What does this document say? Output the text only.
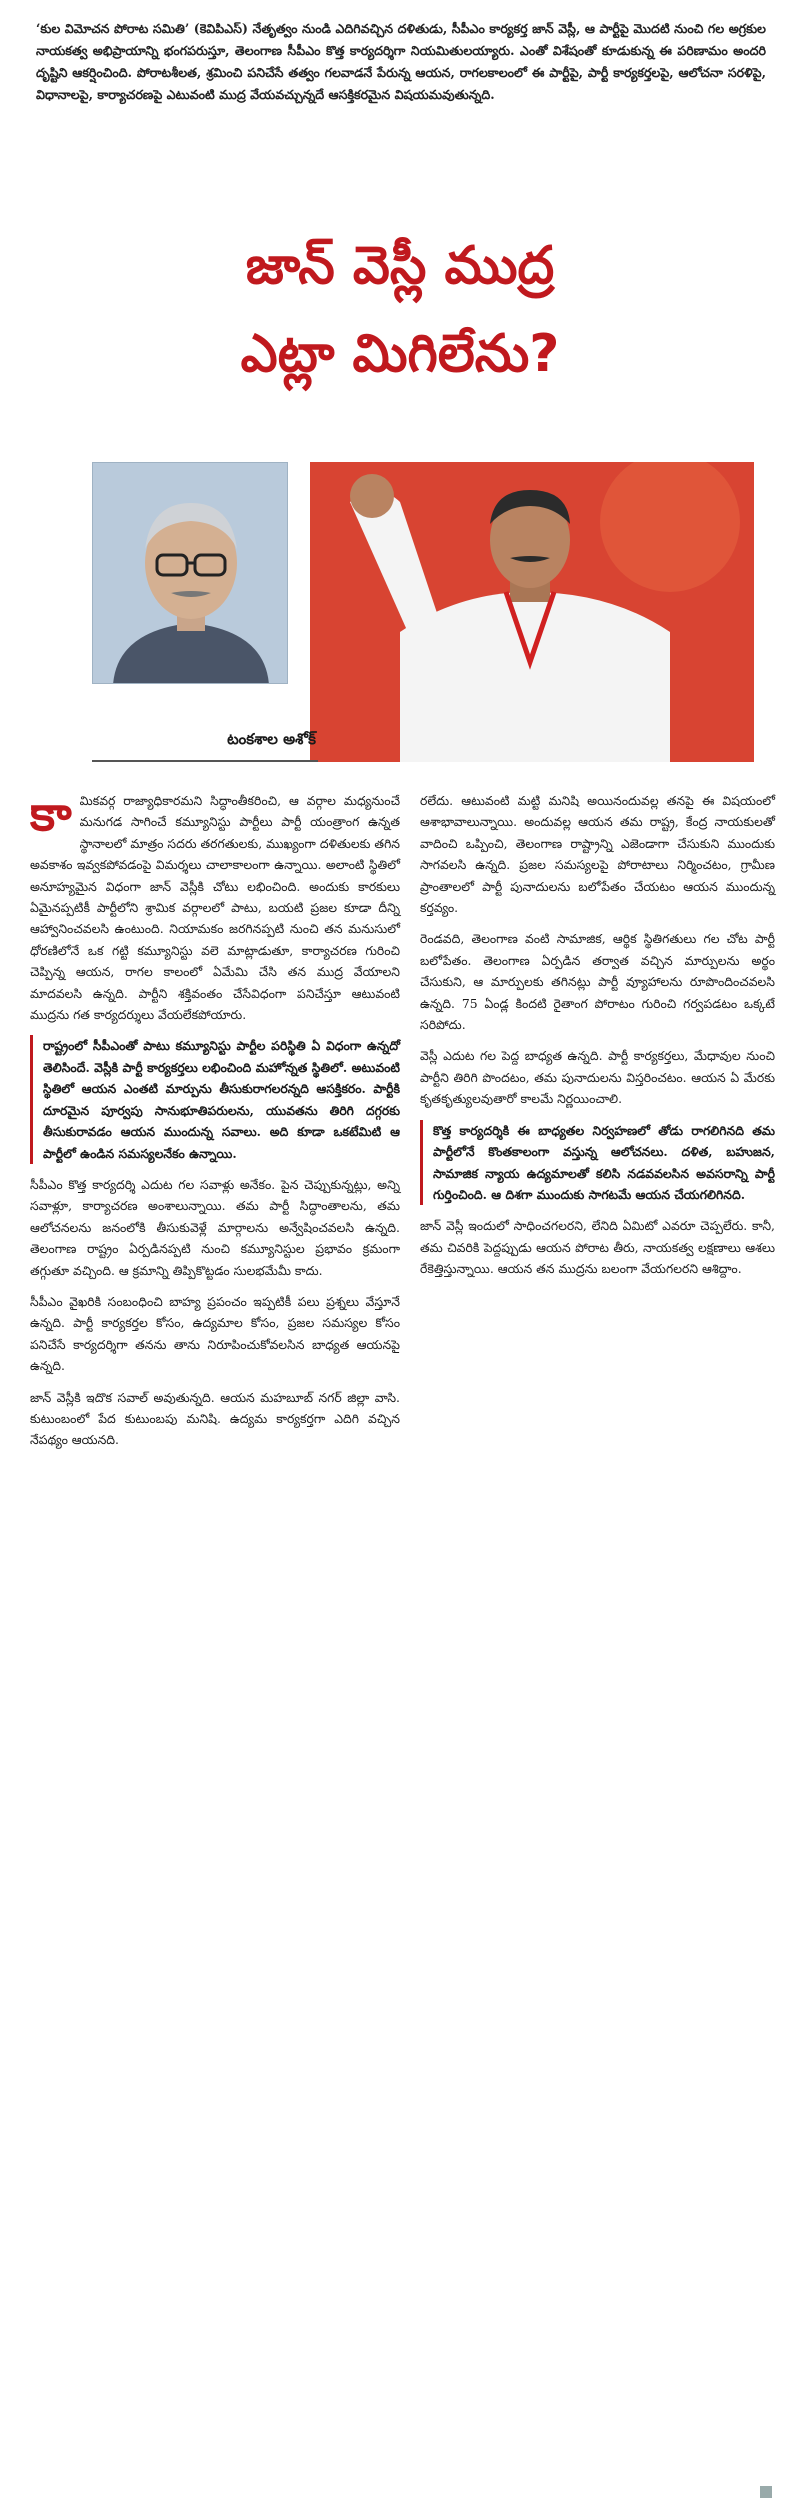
‘కుల విమోచన పోరాట సమితి’ (కెవిపిఎస్) నేతృత్వం నుండి ఎదిగివచ్చిన దళితుడు, సీపీఎం కార్యకర్త జాన్ వెస్లీ, ఆ పార్టీపై మొదటి నుంచి గల అగ్రకుల నాయకత్వ అభిప్రాయాన్ని భంగపరుస్తూ, తెలంగాణ సీపీఎం కొత్త కార్యదర్శిగా నియమితులయ్యారు. ఎంతో విశేషంతో కూడుకున్న ఈ పరిణామం అందరి దృష్టిని ఆకర్షించింది. పోరాటశీలత, శ్రమించి పనిచేసే తత్వం గలవాడనే పేరున్న ఆయన, రాగలకాలంలో ఈ పార్టీపై, పార్టీ కార్యకర్తలపై, ఆలోచనా సరళిపై, విధానాలపై, కార్యాచరణపై ఎటువంటి ముద్ర వేయవచ్చున్నదే ఆసక్తికరమైన విషయమవుతున్నది.
జాన్ వెస్లీ ముద్ర
ఎట్లా మిగిలేను?
టంకశాల అశోక్

కామికవర్గ రాజ్యాధికారమని సిద్ధాంతీకరించి, ఆ వర్గాల మధ్యనుంచే మనుగడ సాగించే కమ్యూనిస్టు పార్టీలు పార్టీ యంత్రాంగ ఉన్నత స్థానాలలో మాత్రం సదరు తరగతులకు, ముఖ్యంగా దళితులకు తగిన అవకాశం ఇవ్వకపోవడంపై విమర్శలు చాలాకాలంగా ఉన్నాయి. అలాంటి స్థితిలో అనూహ్యమైన విధంగా జాన్ వెస్లీకి చోటు లభించింది. అందుకు కారకులు ఏమైనప్పటికీ పార్టీలోని శ్రామిక వర్గాలలో పాటు, బయటి ప్రజల కూడా దీన్ని ఆహ్వానించవలసి ఉంటుంది. నియామకం జరగినప్పటి నుంచి తన మనుసులో ధోరణిలోనే ఒక గట్టి కమ్యూనిస్టు వలె మాట్లాడుతూ, కార్యాచరణ గురించి చెప్పిన్న ఆయన, రాగల కాలంలో ఏమేమి చేసి తన ముద్ర వేయాలని మాదవలసి ఉన్నది. పార్టీని శక్తివంతం చేసేవిధంగా పనిచేస్తూ ఆటువంటి ముద్రను గత కార్యదర్శులు వేయలేకపోయారు.

రాష్ట్రంలో సీపీఎంతో పాటు కమ్యూనిస్టు పార్టీల పరిస్థితి ఏ విధంగా ఉన్నదో తెలిసిందే. వెస్లీకి పార్టీ కార్యకర్తలు లభించింది మహోన్నత స్థితిలో. అటువంటి స్థితిలో ఆయన ఎంతటి మార్పును తీసుకురాగలరన్నది ఆసక్తికరం. పార్టీకి దూరమైన పూర్వపు సానుభూతిపరులను, యువతను తిరిగి దగ్గరకు తీసుకురావడం ఆయన ముందున్న సవాలు. అది కూడా ఒకటేమిటి ఆ పార్టీలో ఉండిన సమస్యలనేకం ఉన్నాయి.

సీపీఎం కొత్త కార్యదర్శి ఎదుట గల సవాళ్లు అనేకం. పైన చెప్పుకున్నట్లు, అన్ని సవాళ్లూ, కార్యాచరణ అంశాలున్నాయి. తమ పార్టీ సిద్ధాంతాలను, తమ ఆలోచనలను జనంలోకి తీసుకువెళ్లే మార్గాలను అన్వేషించవలసి ఉన్నది. తెలంగాణ రాష్ట్రం ఏర్పడినప్పటి నుంచి కమ్యూనిస్టుల ప్రభావం క్రమంగా తగ్గుతూ వచ్చింది. ఆ క్రమాన్ని తిప్పికొట్టడం సులభమేమీ కాదు.

సీపీఎం వైఖరికి సంబంధించి బాహ్య ప్రపంచం ఇప్పటికీ పలు ప్రశ్నలు వేస్తూనే ఉన్నది. పార్టీ కార్యకర్తల కోసం, ఉద్యమాల కోసం, ప్రజల సమస్యల కోసం పనిచేసే కార్యదర్శిగా తనను తాను నిరూపించుకోవలసిన బాధ్యత ఆయనపై ఉన్నది.

జాన్ వెస్లీకి ఇదొక సవాల్ అవుతున్నది. ఆయన మహబూబ్ నగర్ జిల్లా వాసి. కుటుంబంలో పేద కుటుంబపు మనిషి. ఉద్యమ కార్యకర్తగా ఎదిగి వచ్చిన నేపథ్యం ఆయనది.

రలేదు. ఆటువంటి మట్టి మనిషి అయినందువల్ల తనపై ఈ విషయంలో ఆశాభావాలున్నాయి. అందువల్ల ఆయన తమ రాష్ట్ర, కేంద్ర నాయకులతో వాదించి ఒప్పించి, తెలంగాణ రాష్ట్రాన్ని ఎజెండాగా చేసుకుని ముందుకు సాగవలసి ఉన్నది. ప్రజల సమస్యలపై పోరాటాలు నిర్మించటం, గ్రామీణ ప్రాంతాలలో పార్టీ పునాదులను బలోపేతం చేయటం ఆయన ముందున్న కర్తవ్యం.

రెండవది, తెలంగాణ వంటి సామాజిక, ఆర్థిక స్థితిగతులు గల చోట పార్టీ బలోపేతం. తెలంగాణ ఏర్పడిన తర్వాత వచ్చిన మార్పులను అర్థం చేసుకుని, ఆ మార్పులకు తగినట్లు పార్టీ వ్యూహాలను రూపొందించవలసి ఉన్నది. 75 ఏండ్ల కిందటి రైతాంగ పోరాటం గురించి గర్వపడటం ఒక్కటే సరిపోదు.

వెస్లీ ఎదుట గల పెద్ద బాధ్యత ఉన్నది. పార్టీ కార్యకర్తలు, మేధావుల నుంచి పార్టీని తిరిగి పొందటం, తమ పునాదులను విస్తరించటం. ఆయన ఏ మేరకు కృతకృత్యులవుతారో కాలమే నిర్ణయించాలి.

కొత్త కార్యదర్శికి ఈ బాధ్యతల నిర్వహణలో తోడు రాగలిగినది తమ పార్టీలోనే కొంతకాలంగా వస్తున్న ఆలోచనలు. దళిత, బహుజన, సామాజిక న్యాయ ఉద్యమాలతో కలిసి నడవవలసిన అవసరాన్ని పార్టీ గుర్తించింది. ఆ దిశగా ముందుకు సాగటమే ఆయన చేయగలిగినది.

జాన్ వెస్లీ ఇందులో సాధించగలరని, లేనిది ఏమిటో ఎవరూ చెప్పలేరు. కానీ, తమ చివరికి పెద్దప్పుడు ఆయన పోరాట తీరు, నాయకత్వ లక్షణాలు ఆశలు రేకెత్తిస్తున్నాయి. ఆయన తన ముద్రను బలంగా వేయగలరని ఆశిద్దాం.
